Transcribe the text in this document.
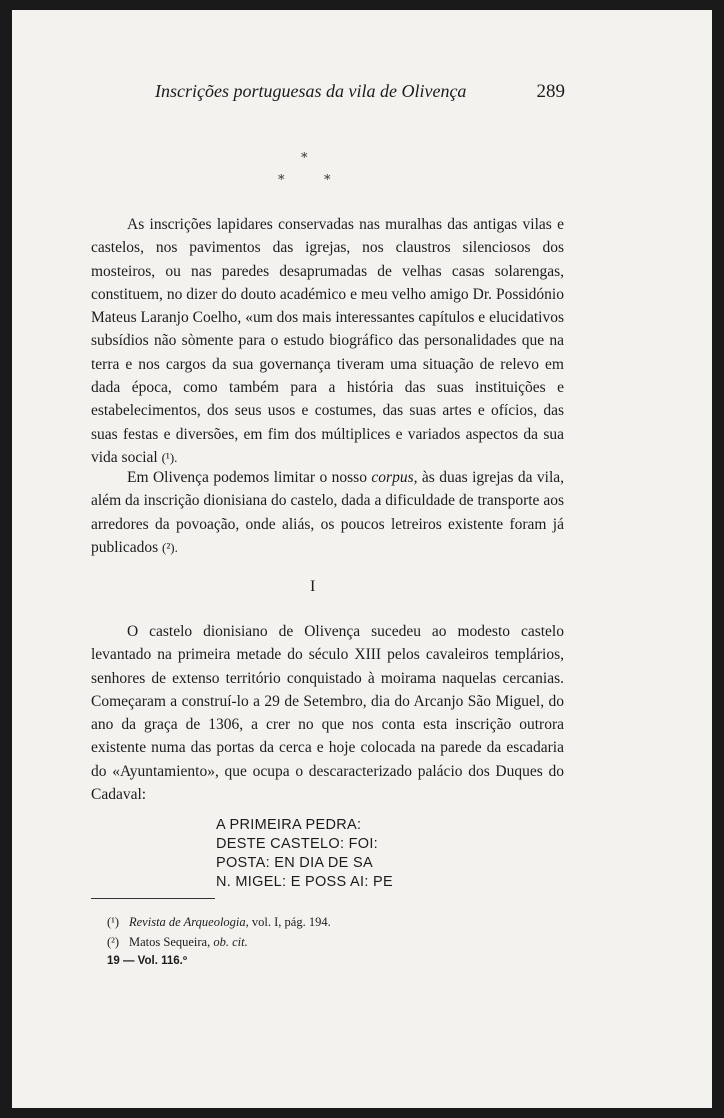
Inscrições portuguesas da vila de Olivença	289
*
*	*

As inscrições lapidares conservadas nas muralhas das antigas vilas e castelos, nos pavimentos das igrejas, nos claustros silenciosos dos mosteiros, ou nas paredes desaprumadas de velhas casas solarengas, constituem, no dizer do douto académico e meu velho amigo Dr. Possidónio Mateus Laranjo Coelho, «um dos mais interessantes capítulos e elucidativos subsídios não sòmente para o estudo biográfico das personalidades que na terra e nos cargos da sua governança tiveram uma situação de relevo em dada época, como também para a história das suas instituições e estabelecimentos, dos seus usos e costumes, das suas artes e ofícios, das suas festas e diversões, em fim dos múltiplices e variados aspectos da sua vida social (¹).

Em Olivença podemos limitar o nosso corpus, às duas igrejas da vila, além da inscrição dionisiana do castelo, dada a dificuldade de transporte aos arredores da povoação, onde aliás, os poucos letreiros existente foram já publicados (²).

I

O castelo dionisiano de Olivença sucedeu ao modesto castelo levantado na primeira metade do século XIII pelos cavaleiros templários, senhores de extenso território conquistado à moirama naquelas cercanias. Começaram a construí-lo a 29 de Setembro, dia do Arcanjo São Miguel, do ano da graça de 1306, a crer no que nos conta esta inscrição outrora existente numa das portas da cerca e hoje colocada na parede da escadaria do «Ayuntamiento», que ocupa o descaracterizado palácio dos Duques do Cadaval:

A PRIMEIRA PEDRA:
DESTE CASTELO: FOI:
POSTA: EN DIA DE SA
N. MIGEL: E POSS AI: PE
(¹) Revista de Arqueologia, vol. I, pág. 194.
(²) Matos Sequeira, ob. cit.
19 — Vol. 116.º
